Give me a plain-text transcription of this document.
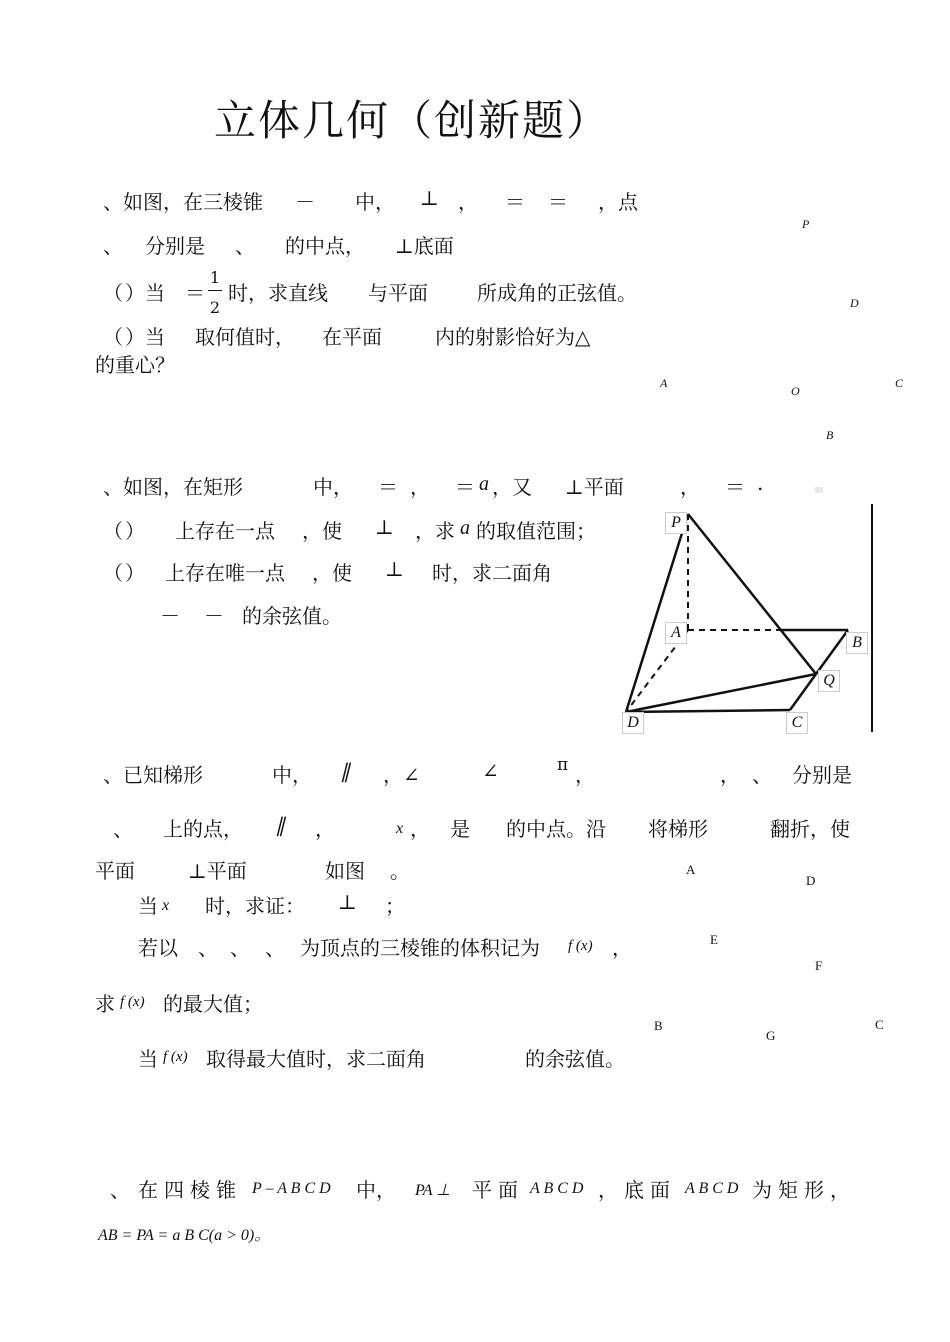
立体几何（创新题）
、如图，在三棱锥 － 中， ⊥ ， ＝ ＝ ，点
、 分别是 、 的中点， ⊥底面
（ ）当 ＝
1
2
时，求直线 与平面 所成角的正弦值。
（ ）当 取何值时， 在平面	内的射影恰好为△
的重心？
P
D
A
O
C
B
、如图，在矩形	中， ＝ ， ＝ a ，又 ⊥平面	， ＝ .
（ ） 上存在一点 ，使 ⊥ ，求 a 的取值范围；
（ ） 上存在唯一点 ，使 ⊥ 时，求二面角
－ － 的余弦值。
P
A
B
Q
D	C
、已知梯形	中， ∥ ，∠	∠	π ，	， 、 分别是
、 上的点， ∥ ，	x ， 是 的中点。沿 将梯形	翻折，使
平面	⊥平面	如图 。
当 x 时，求证： ⊥ ；
若以 、 、 、 为顶点的三棱锥的体积记为 f (x) ，
求 f (x) 的最大值；
当 f (x) 取得最大值时，求二面角	的余弦值。
A
D
E
F
B
G
C
、 在四棱锥 P – A B C D 中， PA ⊥ 平面 A B C D ， 底面 A B C D 为矩形，
AB = PA = a B C(a > 0)。
